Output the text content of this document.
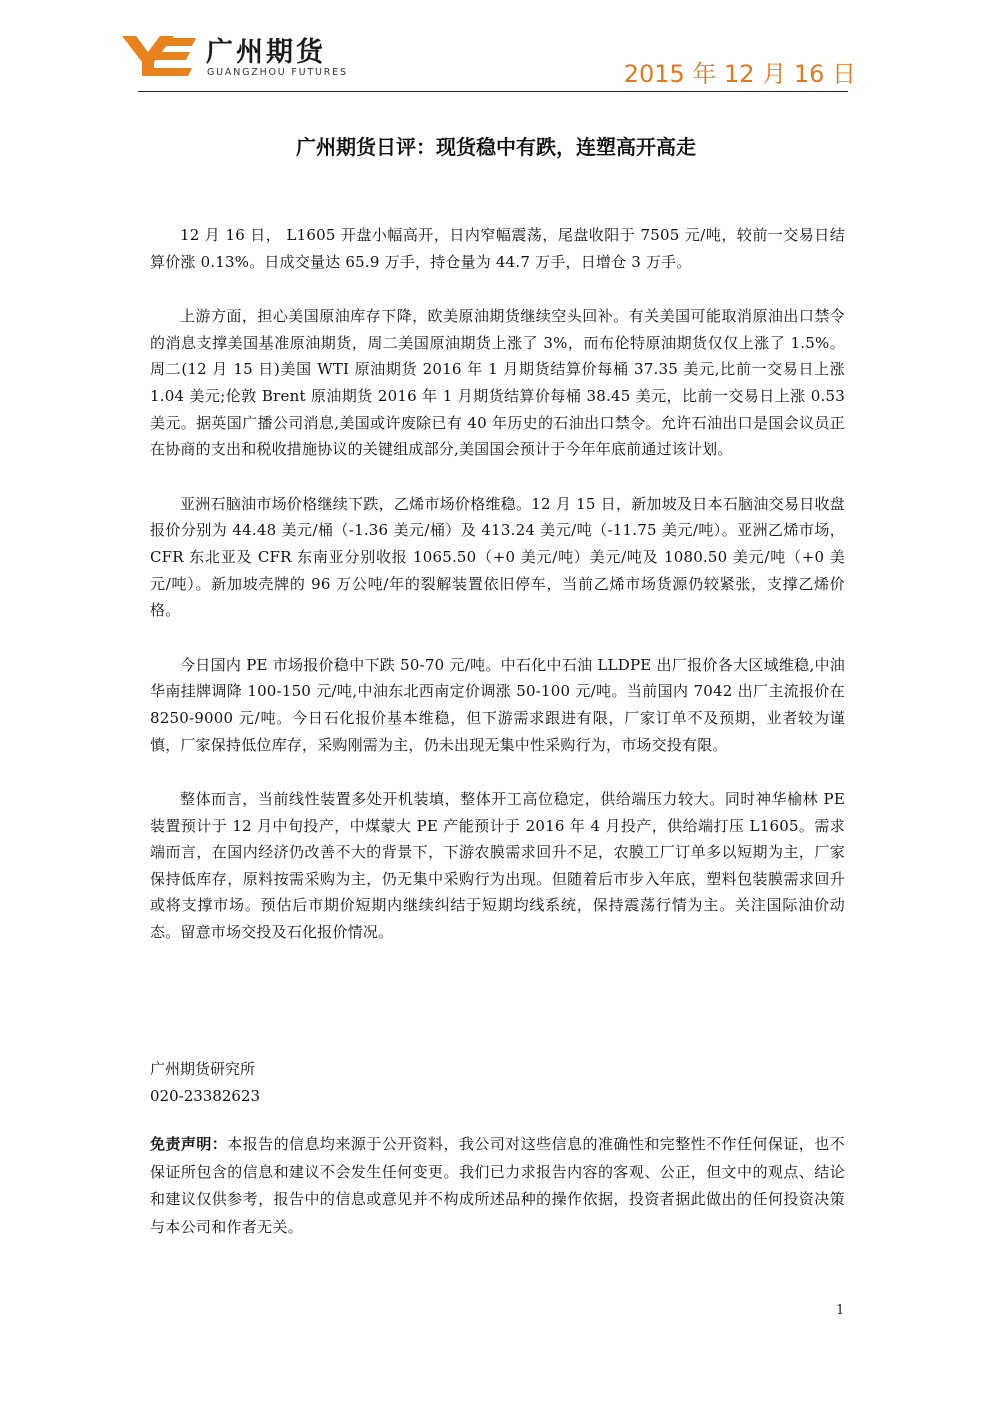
广州期货
GUANGZHOU FUTURES	2015 年 12 月 16 日
广州期货日评：现货稳中有跌，连塑高开高走

12 月 16 日， L1605 开盘小幅高开，日内窄幅震荡，尾盘收阳于 7505 元/吨，较前一交易日结算价涨 0.13%。日成交量达 65.9 万手，持仓量为 44.7 万手，日增仓 3 万手。

上游方面，担心美国原油库存下降，欧美原油期货继续空头回补。有关美国可能取消原油出口禁令的消息支撑美国基准原油期货，周二美国原油期货上涨了 3%，而布伦特原油期货仅仅上涨了 1.5%。周二(12 月 15 日)美国 WTI 原油期货 2016 年 1 月期货结算价每桶 37.35 美元,比前一交易日上涨 1.04 美元;伦敦 Brent 原油期货 2016 年 1 月期货结算价每桶 38.45 美元，比前一交易日上涨 0.53 美元。据英国广播公司消息,美国或许废除已有 40 年历史的石油出口禁令。允许石油出口是国会议员正在协商的支出和税收措施协议的关键组成部分,美国国会预计于今年年底前通过该计划。

亚洲石脑油市场价格继续下跌，乙烯市场价格维稳。12 月 15 日，新加坡及日本石脑油交易日收盘报价分别为 44.48 美元/桶（-1.36 美元/桶）及 413.24 美元/吨（-11.75 美元/吨）。亚洲乙烯市场，CFR 东北亚及 CFR 东南亚分别收报 1065.50（+0 美元/吨）美元/吨及 1080.50 美元/吨（+0 美元/吨）。新加坡壳牌的 96 万公吨/年的裂解装置依旧停车，当前乙烯市场货源仍较紧张，支撑乙烯价格。

今日国内 PE 市场报价稳中下跌 50-70 元/吨。中石化中石油 LLDPE 出厂报价各大区域维稳,中油华南挂牌调降 100-150 元/吨,中油东北西南定价调涨 50-100 元/吨。当前国内 7042 出厂主流报价在 8250-9000 元/吨。今日石化报价基本维稳，但下游需求跟进有限，厂家订单不及预期，业者较为谨慎，厂家保持低位库存，采购刚需为主，仍未出现无集中性采购行为，市场交投有限。

整体而言，当前线性装置多处开机装填，整体开工高位稳定，供给端压力较大。同时神华榆林 PE 装置预计于 12 月中旬投产，中煤蒙大 PE 产能预计于 2016 年 4 月投产，供给端打压 L1605。需求端而言，在国内经济仍改善不大的背景下，下游农膜需求回升不足，农膜工厂订单多以短期为主，厂家保持低库存，原料按需采购为主，仍无集中采购行为出现。但随着后市步入年底，塑料包装膜需求回升或将支撑市场。预估后市期价短期内继续纠结于短期均线系统，保持震荡行情为主。关注国际油价动态。留意市场交投及石化报价情况。

广州期货研究所
020-23382623
免责声明：本报告的信息均来源于公开资料，我公司对这些信息的准确性和完整性不作任何保证，也不保证所包含的信息和建议不会发生任何变更。我们已力求报告内容的客观、公正，但文中的观点、结论和建议仅供参考，报告中的信息或意见并不构成所述品种的操作依据，投资者据此做出的任何投资决策与本公司和作者无关。
1
